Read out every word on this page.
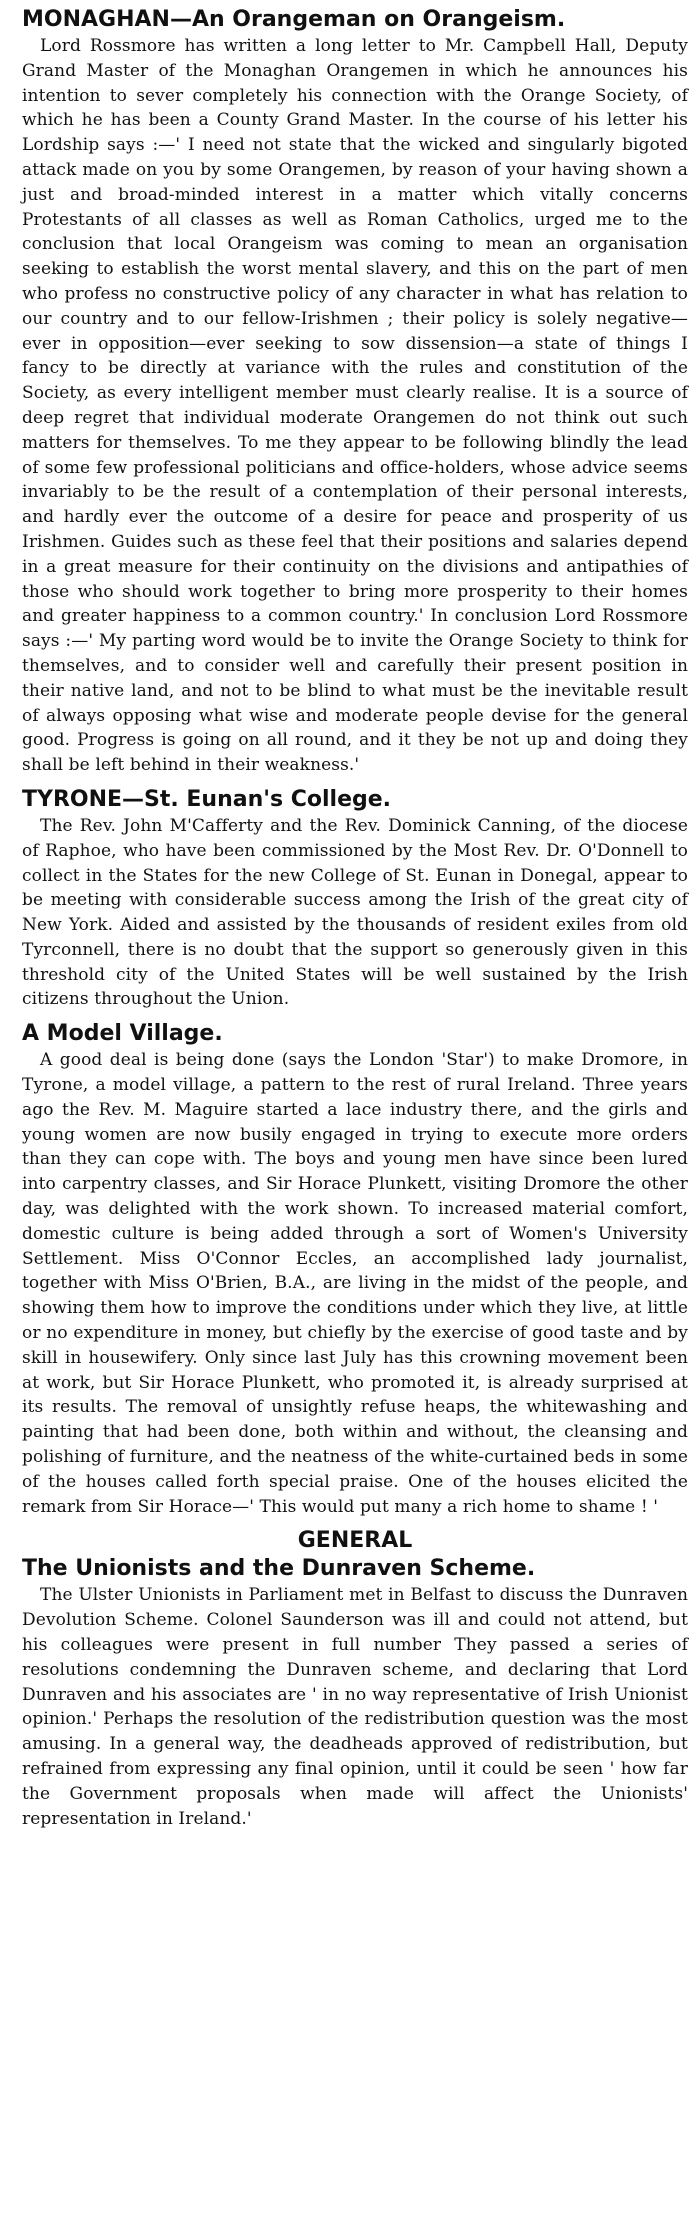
MONAGHAN—An Orangeman on Orangeism.

Lord Rossmore has written a long letter to Mr. Campbell Hall, Deputy Grand Master of the Monaghan Orangemen in which he announces his intention to sever completely his connection with the Orange Society, of which he has been a County Grand Master. In the course of his letter his Lordship says :—' I need not state that the wicked and singularly bigoted attack made on you by some Orangemen, by reason of your having shown a just and broad-minded interest in a matter which vitally concerns Protestants of all classes as well as Roman Catholics, urged me to the conclusion that local Orangeism was coming to mean an organisation seeking to establish the worst mental slavery, and this on the part of men who profess no constructive policy of any character in what has relation to our country and to our fellow-Irishmen ; their policy is solely negative—ever in opposition—ever seeking to sow dissension—a state of things I fancy to be directly at variance with the rules and constitution of the Society, as every intelligent member must clearly realise. It is a source of deep regret that individual moderate Orangemen do not think out such matters for themselves. To me they appear to be following blindly the lead of some few professional politicians and office-holders, whose advice seems invariably to be the result of a contemplation of their personal interests, and hardly ever the outcome of a desire for peace and prosperity of us Irishmen. Guides such as these feel that their positions and salaries depend in a great measure for their continuity on the divisions and antipathies of those who should work together to bring more prosperity to their homes and greater happiness to a common country.' In conclusion Lord Rossmore says :—' My parting word would be to invite the Orange Society to think for themselves, and to consider well and carefully their present position in their native land, and not to be blind to what must be the inevitable result of always opposing what wise and moderate people devise for the general good. Progress is going on all round, and it they be not up and doing they shall be left behind in their weakness.'

TYRONE—St. Eunan's College.

The Rev. John M'Cafferty and the Rev. Dominick Canning, of the diocese of Raphoe, who have been commissioned by the Most Rev. Dr. O'Donnell to collect in the States for the new College of St. Eunan in Donegal, appear to be meeting with considerable success among the Irish of the great city of New York. Aided and assisted by the thousands of resident exiles from old Tyrconnell, there is no doubt that the support so generously given in this threshold city of the United States will be well sustained by the Irish citizens throughout the Union.

A Model Village.

A good deal is being done (says the London 'Star') to make Dromore, in Tyrone, a model village, a pattern to the rest of rural Ireland. Three years ago the Rev. M. Maguire started a lace industry there, and the girls and young women are now busily engaged in trying to execute more orders than they can cope with. The boys and young men have since been lured into carpentry classes, and Sir Horace Plunkett, visiting Dromore the other day, was delighted with the work shown. To increased material comfort, domestic culture is being added through a sort of Women's University Settlement. Miss O'Connor Eccles, an accomplished lady journalist, together with Miss O'Brien, B.A., are living in the midst of the people, and showing them how to improve the conditions under which they live, at little or no expenditure in money, but chiefly by the exercise of good taste and by skill in housewifery. Only since last July has this crowning movement been at work, but Sir Horace Plunkett, who promoted it, is already surprised at its results. The removal of unsightly refuse heaps, the whitewashing and painting that had been done, both within and without, the cleansing and polishing of furniture, and the neatness of the white-curtained beds in some of the houses called forth special praise. One of the houses elicited the remark from Sir Horace—' This would put many a rich home to shame ! '

GENERAL
The Unionists and the Dunraven Scheme.

The Ulster Unionists in Parliament met in Belfast to discuss the Dunraven Devolution Scheme. Colonel Saunderson was ill and could not attend, but his colleagues were present in full number They passed a series of resolutions condemning the Dunraven scheme, and declaring that Lord Dunraven and his associates are ' in no way representative of Irish Unionist opinion.' Perhaps the resolution of the redistribution question was the most amusing. In a general way, the deadheads approved of redistribution, but refrained from expressing any final opinion, until it could be seen ' how far the Government proposals when made will affect the Unionists' representation in Ireland.'
